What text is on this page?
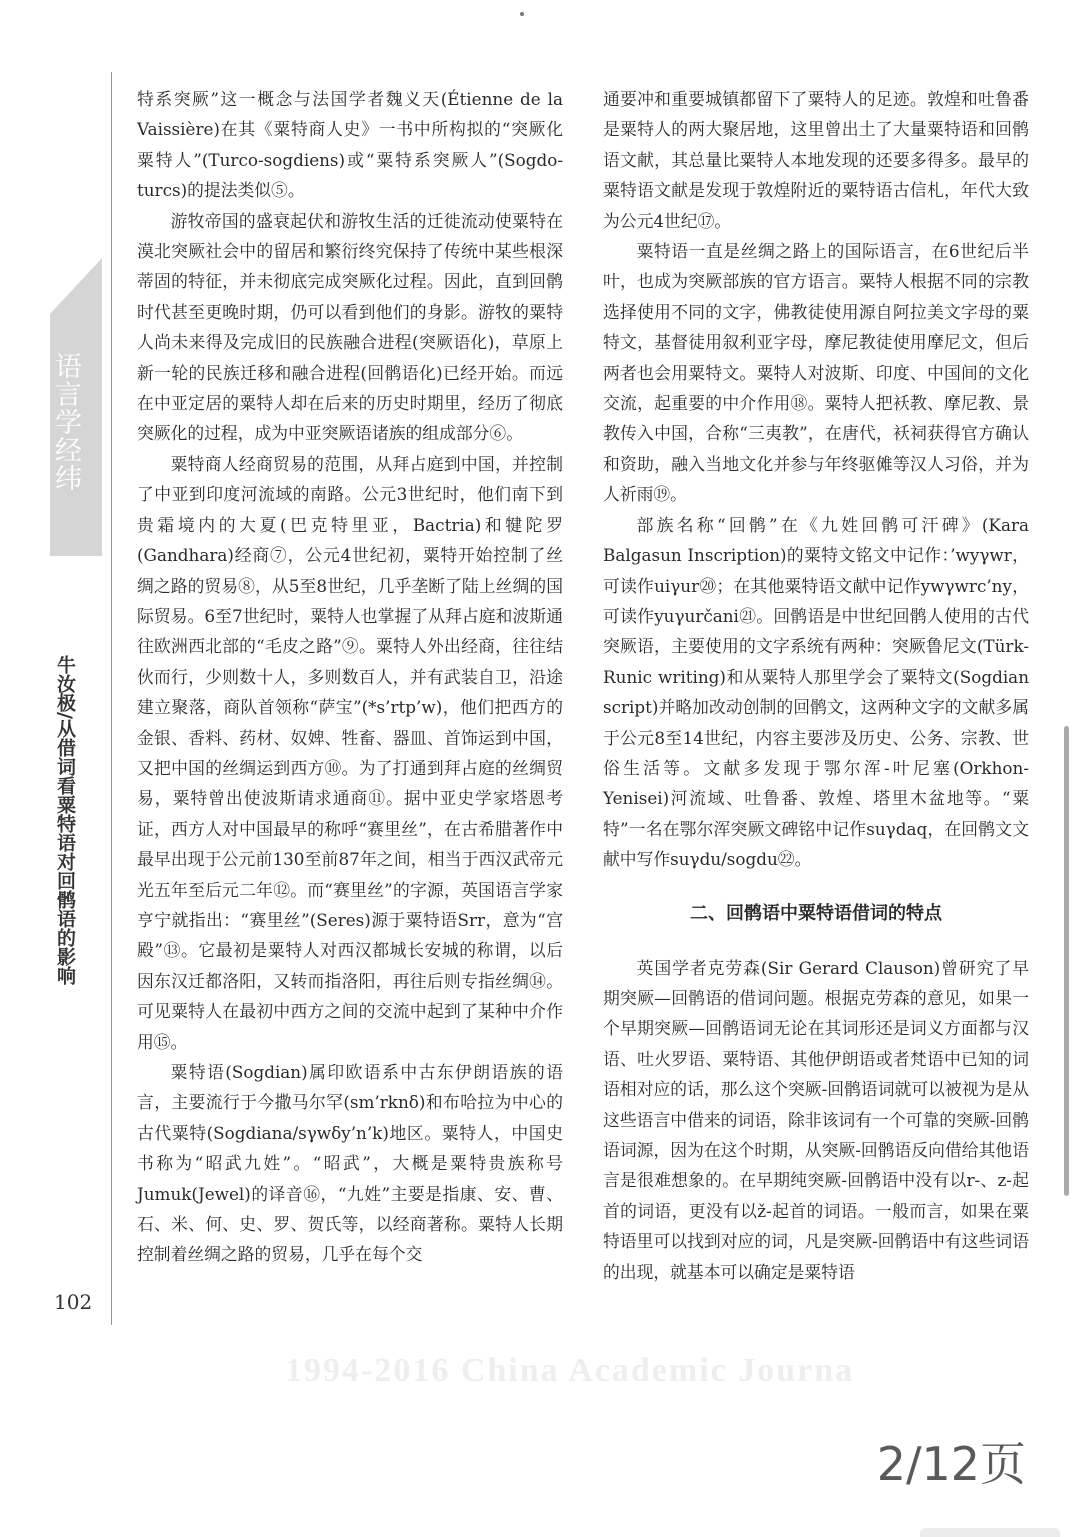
语言学经纬
牛汝极/从借词看粟特语对回鹘语的影响
102

特系突厥”这一概念与法国学者魏义天(Étienne de la Vaissière)在其《粟特商人史》一书中所构拟的“突厥化粟特人”(Turco-sogdiens)或“粟特系突厥人”(Sogdo-turcs)的提法类似⑤。

游牧帝国的盛衰起伏和游牧生活的迁徙流动使粟特在漠北突厥社会中的留居和繁衍终究保持了传统中某些根深蒂固的特征，并未彻底完成突厥化过程。因此，直到回鹘时代甚至更晚时期，仍可以看到他们的身影。游牧的粟特人尚未来得及完成旧的民族融合进程(突厥语化)，草原上新一轮的民族迁移和融合进程(回鹘语化)已经开始。而远在中亚定居的粟特人却在后来的历史时期里，经历了彻底突厥化的过程，成为中亚突厥语诸族的组成部分⑥。

粟特商人经商贸易的范围，从拜占庭到中国，并控制了中亚到印度河流域的南路。公元3世纪时，他们南下到贵霜境内的大夏(巴克特里亚，Bactria)和犍陀罗(Gandhara)经商⑦，公元4世纪初，粟特开始控制了丝绸之路的贸易⑧，从5至8世纪，几乎垄断了陆上丝绸的国际贸易。6至7世纪时，粟特人也掌握了从拜占庭和波斯通往欧洲西北部的“毛皮之路”⑨。粟特人外出经商，往往结伙而行，少则数十人，多则数百人，并有武装自卫，沿途建立聚落，商队首领称“萨宝”(*s’rtp’w)，他们把西方的金银、香料、药材、奴婢、牲畜、器皿、首饰运到中国，又把中国的丝绸运到西方⑩。为了打通到拜占庭的丝绸贸易，粟特曾出使波斯请求通商⑪。据中亚史学家塔恩考证，西方人对中国最早的称呼“赛里丝”，在古希腊著作中最早出现于公元前130至前87年之间，相当于西汉武帝元光五年至后元二年⑫。而“赛里丝”的字源，英国语言学家亨宁就指出：“赛里丝”(Seres)源于粟特语Srr，意为“宫殿”⑬。它最初是粟特人对西汉都城长安城的称谓，以后因东汉迁都洛阳，又转而指洛阳，再往后则专指丝绸⑭。可见粟特人在最初中西方之间的交流中起到了某种中介作用⑮。

粟特语(Sogdian)属印欧语系中古东伊朗语族的语言，主要流行于今撒马尔罕(sm’rknδ)和布哈拉为中心的古代粟特(Sogdiana/sγwδy’n’k)地区。粟特人，中国史书称为“昭武九姓”。“昭武”，大概是粟特贵族称号Jumuk(Jewel)的译音⑯，“九姓”主要是指康、安、曹、石、米、何、史、罗、贺氏等，以经商著称。粟特人长期控制着丝绸之路的贸易，几乎在每个交

通要冲和重要城镇都留下了粟特人的足迹。敦煌和吐鲁番是粟特人的两大聚居地，这里曾出土了大量粟特语和回鹘语文献，其总量比粟特人本地发现的还要多得多。最早的粟特语文献是发现于敦煌附近的粟特语古信札，年代大致为公元4世纪⑰。

粟特语一直是丝绸之路上的国际语言，在6世纪后半叶，也成为突厥部族的官方语言。粟特人根据不同的宗教选择使用不同的文字，佛教徒使用源自阿拉美文字母的粟特文，基督徒用叙利亚字母，摩尼教徒使用摩尼文，但后两者也会用粟特文。粟特人对波斯、印度、中国间的文化交流，起重要的中介作用⑱。粟特人把袄教、摩尼教、景教传入中国，合称“三夷教”，在唐代，袄祠获得官方确认和资助，融入当地文化并参与年终驱傩等汉人习俗，并为人祈雨⑲。

部族名称“回鹘”在《九姓回鹘可汗碑》(Kara Balgasun Inscription)的粟特文铭文中记作：’wyγwr，可读作uiγur⑳；在其他粟特语文献中记作ywγwrc’ny，可读作yuγurčani㉑。回鹘语是中世纪回鹘人使用的古代突厥语，主要使用的文字系统有两种：突厥鲁尼文(Türk-Runic writing)和从粟特人那里学会了粟特文(Sogdian script)并略加改动创制的回鹘文，这两种文字的文献多属于公元8至14世纪，内容主要涉及历史、公务、宗教、世俗生活等。文献多发现于鄂尔浑-叶尼塞(Orkhon-Yenisei)河流域、吐鲁番、敦煌、塔里木盆地等。“粟特”一名在鄂尔浑突厥文碑铭中记作suγdaq，在回鹘文文献中写作suγdu/sogdu㉒。

二、回鹘语中粟特语借词的特点

英国学者克劳森(Sir Gerard Clauson)曾研究了早期突厥—回鹘语的借词问题。根据克劳森的意见，如果一个早期突厥—回鹘语词无论在其词形还是词义方面都与汉语、吐火罗语、粟特语、其他伊朗语或者梵语中已知的词语相对应的话，那么这个突厥-回鹘语词就可以被视为是从这些语言中借来的词语，除非该词有一个可靠的突厥-回鹘语词源，因为在这个时期，从突厥-回鹘语反向借给其他语言是很难想象的。在早期纯突厥-回鹘语中没有以r-、z-起首的词语，更没有以ž-起首的词语。一般而言，如果在粟特语里可以找到对应的词，凡是突厥-回鹘语中有这些词语的出现，就基本可以确定是粟特语

1994-2016 China Academic Journa
2/12页
